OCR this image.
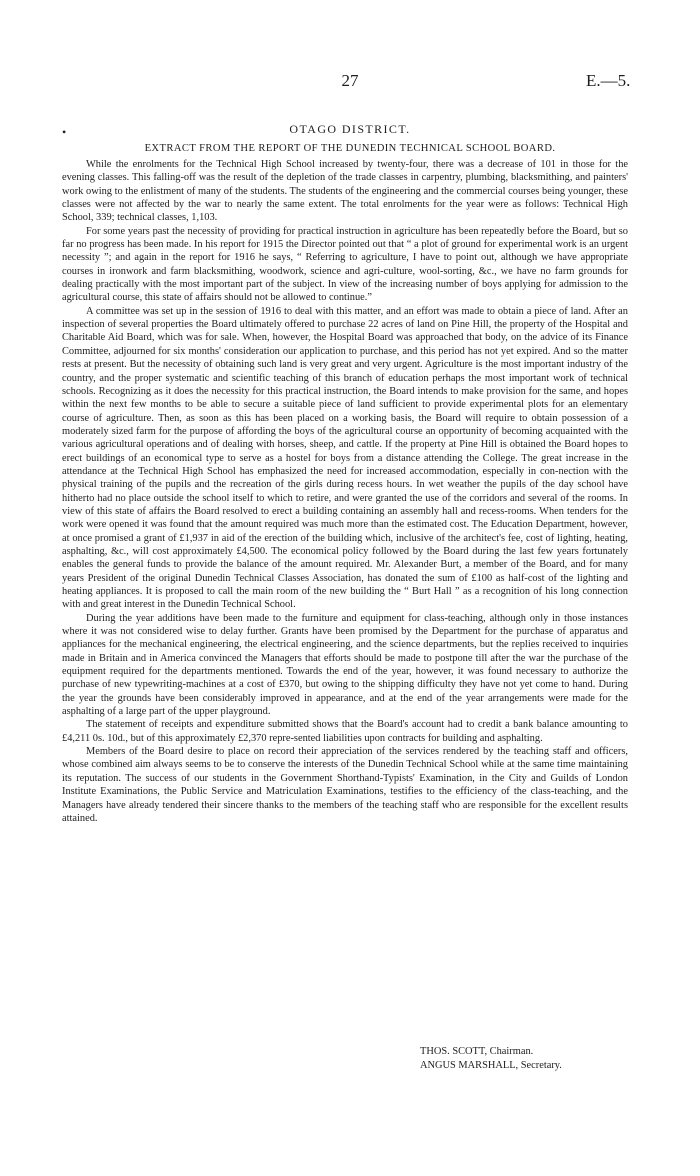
27	E.—5.
•	OTAGO DISTRICT.
EXTRACT FROM THE REPORT OF THE DUNEDIN TECHNICAL SCHOOL BOARD.

While the enrolments for the Technical High School increased by twenty-four, there was a decrease of 101 in those for the evening classes. This falling-off was the result of the depletion of the trade classes in carpentry, plumbing, blacksmithing, and painters' work owing to the enlistment of many of the students. The students of the engineering and the commercial courses being younger, these classes were not affected by the war to nearly the same extent. The total enrolments for the year were as follows: Technical High School, 339; technical classes, 1,103.

For some years past the necessity of providing for practical instruction in agriculture has been repeatedly before the Board, but so far no progress has been made. In his report for 1915 the Director pointed out that “ a plot of ground for experimental work is an urgent necessity ”; and again in the report for 1916 he says, “ Referring to agriculture, I have to point out, although we have appropriate courses in ironwork and farm blacksmithing, woodwork, science and agri-culture, wool-sorting, &c., we have no farm grounds for dealing practically with the most important part of the subject. In view of the increasing number of boys applying for admission to the agricultural course, this state of affairs should not be allowed to continue.”

A committee was set up in the session of 1916 to deal with this matter, and an effort was made to obtain a piece of land. After an inspection of several properties the Board ultimately offered to purchase 22 acres of land on Pine Hill, the property of the Hospital and Charitable Aid Board, which was for sale. When, however, the Hospital Board was approached that body, on the advice of its Finance Committee, adjourned for six months' consideration our application to purchase, and this period has not yet expired. And so the matter rests at present. But the necessity of obtaining such land is very great and very urgent. Agriculture is the most important industry of the country, and the proper systematic and scientific teaching of this branch of education perhaps the most important work of technical schools. Recognizing as it does the necessity for this practical instruction, the Board intends to make provision for the same, and hopes within the next few months to be able to secure a suitable piece of land sufficient to provide experimental plots for an elementary course of agriculture. Then, as soon as this has been placed on a working basis, the Board will require to obtain possession of a moderately sized farm for the purpose of affording the boys of the agricultural course an opportunity of becoming acquainted with the various agricultural operations and of dealing with horses, sheep, and cattle. If the property at Pine Hill is obtained the Board hopes to erect buildings of an economical type to serve as a hostel for boys from a distance attending the College. The great increase in the attendance at the Technical High School has emphasized the need for increased accommodation, especially in con-nection with the physical training of the pupils and the recreation of the girls during recess hours. In wet weather the pupils of the day school have hitherto had no place outside the school itself to which to retire, and were granted the use of the corridors and several of the rooms. In view of this state of affairs the Board resolved to erect a building containing an assembly hall and recess-rooms. When tenders for the work were opened it was found that the amount required was much more than the estimated cost. The Education Department, however, at once promised a grant of £1,937 in aid of the erection of the building which, inclusive of the architect's fee, cost of lighting, heating, asphalting, &c., will cost approximately £4,500. The economical policy followed by the Board during the last few years fortunately enables the general funds to provide the balance of the amount required. Mr. Alexander Burt, a member of the Board, and for many years President of the original Dunedin Technical Classes Association, has donated the sum of £100 as half-cost of the lighting and heating appliances. It is proposed to call the main room of the new building the “ Burt Hall ” as a recognition of his long connection with and great interest in the Dunedin Technical School.

During the year additions have been made to the furniture and equipment for class-teaching, although only in those instances where it was not considered wise to delay further. Grants have been promised by the Department for the purchase of apparatus and appliances for the mechanical engineering, the electrical engineering, and the science departments, but the replies received to inquiries made in Britain and in America convinced the Managers that efforts should be made to postpone till after the war the purchase of the equipment required for the departments mentioned. Towards the end of the year, however, it was found necessary to authorize the purchase of new typewriting-machines at a cost of £370, but owing to the shipping difficulty they have not yet come to hand. During the year the grounds have been considerably improved in appearance, and at the end of the year arrangements were made for the asphalting of a large part of the upper playground.

The statement of receipts and expenditure submitted shows that the Board's account had to credit a bank balance amounting to £4,211 0s. 10d., but of this approximately £2,370 repre-sented liabilities upon contracts for building and asphalting.

Members of the Board desire to place on record their appreciation of the services rendered by the teaching staff and officers, whose combined aim always seems to be to conserve the interests of the Dunedin Technical School while at the same time maintaining its reputation. The success of our students in the Government Shorthand-Typists' Examination, in the City and Guilds of London Institute Examinations, the Public Service and Matriculation Examinations, testifies to the efficiency of the class-teaching, and the Managers have already tendered their sincere thanks to the members of the teaching staff who are responsible for the excellent results attained.

THOS. SCOTT, Chairman.
ANGUS MARSHALL, Secretary.
